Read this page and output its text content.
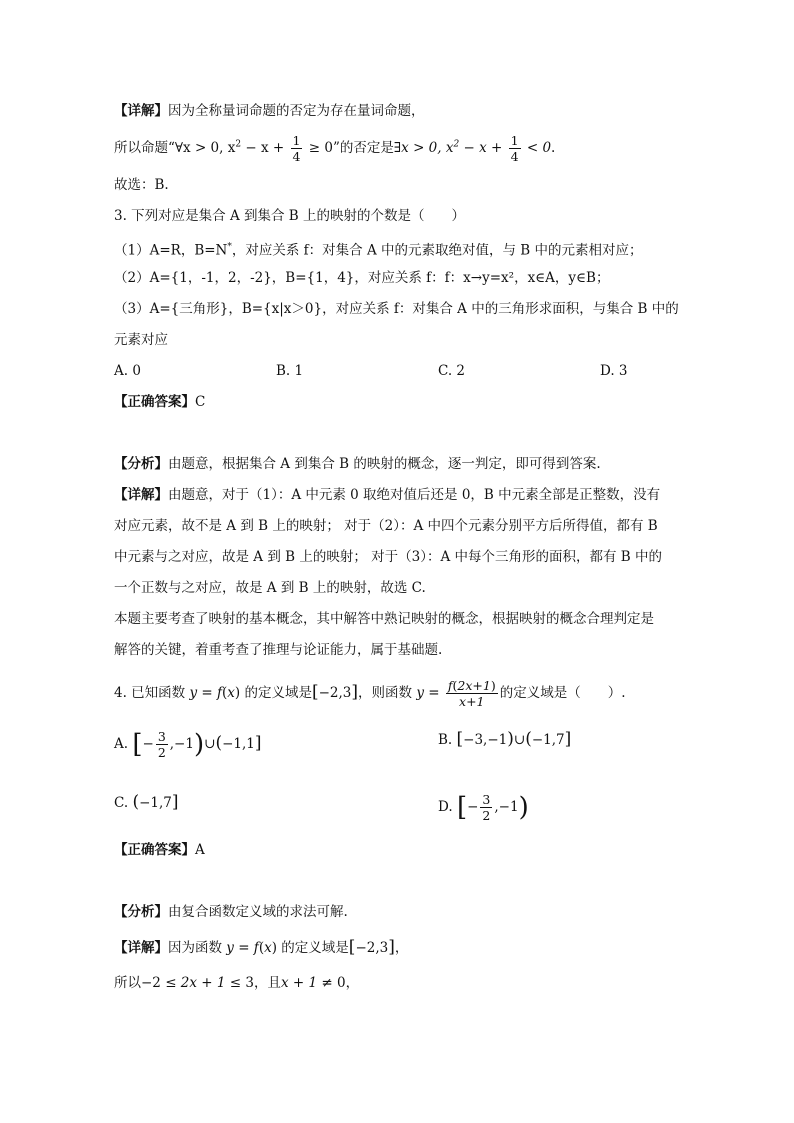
【详解】因为全称量词命题的否定为存在量词命题，
所以命题“∀x > 0, $x^2 - x + \frac{1}{4} \ge 0$”的否定是∃x > 0, $x^2 - x + \frac{1}{4} < 0$.
故选：B.
3. 下列对应是集合 A 到集合 B 上的映射的个数是（　　）
（1）A=R，B=N*，对应关系 f：对集合 A 中的元素取绝对值，与 B 中的元素相对应；
（2）A={1，-1，2，-2}，B={1，4}，对应关系 f：f：x→y=x²，x∈A，y∈B；
（3）A={三角形}，B={x|x＞0}，对应关系 f：对集合 A 中的三角形求面积，与集合 B 中的
元素对应
A. 0	B. 1	C. 2	D. 3
【正确答案】C
【分析】由题意，根据集合 A 到集合 B 的映射的概念，逐一判定，即可得到答案.
【详解】由题意，对于（1）：A 中元素 0 取绝对值后还是 0，B 中元素全部是正整数，没有
对应元素，故不是 A 到 B 上的映射； 对于（2）：A 中四个元素分别平方后所得值，都有 B
中元素与之对应，故是 A 到 B 上的映射； 对于（3）：A 中每个三角形的面积，都有 B 中的
一个正数与之对应，故是 A 到 B 上的映射，故选 C.
本题主要考查了映射的基本概念，其中解答中熟记映射的概念，根据映射的概念合理判定是
解答的关键，着重考查了推理与论证能力，属于基础题.
4. 已知函数 y = f(x) 的定义域是[−2,3]，则函数 $y = \frac{f(2x+1)}{x+1}$ 的定义域是（　　）.
A. [− $\frac{3}{2}$ ,−1)∪(−1,1]	B. [−3,−1)∪(−1,7]
C. (−1,7]	D. [− $\frac{3}{2} ,-1$)
【正确答案】A
【分析】由复合函数定义域的求法可解.
【详解】因为函数 y = f(x) 的定义域是[−2,3]，
所以−2 ≤ 2x + 1 ≤ 3，且x + 1 ≠ 0，
